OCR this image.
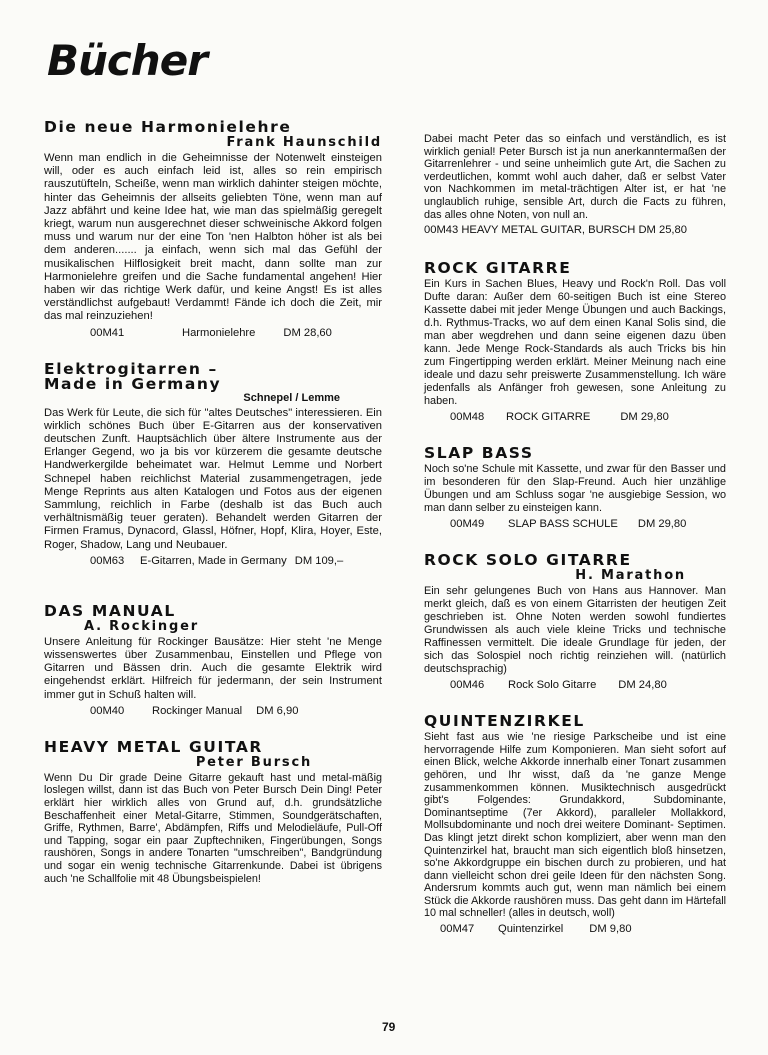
Bücher
Die neue Harmonielehre
Frank Haunschild

Wenn man endlich in die Geheimnisse der Notenwelt einsteigen will, oder es auch einfach leid ist, alles so rein empirisch rauszutüfteln, Scheiße, wenn man wirklich dahinter steigen möchte, hinter das Geheimnis der allseits geliebten Töne, wenn man auf Jazz abfährt und keine Idee hat, wie man das spielmäßig geregelt kriegt, warum nun ausgerechnet dieser schweinische Akkord folgen muss und warum nur der eine Ton 'nen Halbton höher ist als bei dem anderen....... ja einfach, wenn sich mal das Gefühl der musikalischen Hilflosigkeit breit macht, dann sollte man zur Harmonielehre greifen und die Sache fundamental angehen! Hier haben wir das richtige Werk dafür, und keine Angst! Es ist alles verständlichst aufgebaut! Verdammt! Fände ich doch die Zeit, mir das mal reinzuziehen!

00M41	Harmonielehre	DM 28,60
Elektrogitarren – Made in Germany
Schnepel / Lemme

Das Werk für Leute, die sich für "altes Deutsches" interessieren. Ein wirklich schönes Buch über E-Gitarren aus der konservativen deutschen Zunft. Hauptsächlich über ältere Instrumente aus der Erlanger Gegend, wo ja bis vor kürzerem die gesamte deutsche Handwerkergilde beheimatet war. Helmut Lemme und Norbert Schnepel haben reichlichst Material zusammengetragen, jede Menge Reprints aus alten Katalogen und Fotos aus der eigenen Sammlung, reichlich in Farbe (deshalb ist das Buch auch verhältnismäßig teuer geraten). Behandelt werden Gitarren der Firmen Framus, Dynacord, Glassl, Höfner, Hopf, Klira, Hoyer, Este, Roger, Shadow, Lang und Neubauer.

00M63 E-Gitarren, Made in Germany DM 109,–
DAS MANUAL
A. Rockinger

Unsere Anleitung für Rockinger Bausätze: Hier steht 'ne Menge wissenswertes über Zusammenbau, Einstellen und Pflege von Gitarren und Bässen drin. Auch die gesamte Elektrik wird eingehendst erklärt. Hilfreich für jedermann, der sein Instrument immer gut in Schuß halten will.

00M40 Rockinger Manual DM 6,90
HEAVY METAL GUITAR
Peter Bursch

Wenn Du Dir grade Deine Gitarre gekauft hast und metal-mäßig loslegen willst, dann ist das Buch von Peter Bursch Dein Ding! Peter erklärt hier wirklich alles von Grund auf, d.h. grundsätzliche Beschaffenheit einer Metal-Gitarre, Stimmen, Soundgerätschaften, Griffe, Rythmen, Barre', Abdämpfen, Riffs und Melodieläufe, Pull-Off und Tapping, sogar ein paar Zupftechniken, Fingerübungen, Songs raushören, Songs in andere Tonarten "umschreiben", Bandgründung und sogar ein wenig technische Gitarrenkunde. Dabei ist übrigens auch 'ne Schallfolie mit 48 Übungsbeispielen!

Dabei macht Peter das so einfach und verständlich, es ist wirklich genial! Peter Bursch ist ja nun anerkanntermaßen der Gitarrenlehrer - und seine unheimlich gute Art, die Sachen zu verdeutlichen, kommt wohl auch daher, daß er selbst Vater von Nachkommen im metal-trächtigen Alter ist, er hat 'ne unglaublich ruhige, sensible Art, durch die Facts zu führen, das alles ohne Noten, von null an.

00M43 HEAVY METAL GUITAR, BURSCH DM 25,80
ROCK GITARRE

Ein Kurs in Sachen Blues, Heavy und Rock'n Roll. Das voll Dufte daran: Außer dem 60-seitigen Buch ist eine Stereo Kassette dabei mit jeder Menge Übungen und auch Backings, d.h. Rythmus-Tracks, wo auf dem einen Kanal Solis sind, die man aber wegdrehen und dann seine eigenen dazu üben kann. Jede Menge Rock-Standards als auch Tricks bis hin zum Fingertipping werden erklärt. Meiner Meinung nach eine ideale und dazu sehr preiswerte Zusammenstellung. Ich wäre jedenfalls als Anfänger froh gewesen, sone Anleitung zu haben.

00M48 ROCK GITARRE	DM 29,80
SLAP BASS

Noch so'ne Schule mit Kassette, und zwar für den Basser und im besonderen für den Slap-Freund. Auch hier unzählige Übungen und am Schluss sogar 'ne ausgiebige Session, wo man dann selber zu einsteigen kann.

00M49 SLAP BASS SCHULE DM 29,80
ROCK SOLO GITARRE
H. Marathon

Ein sehr gelungenes Buch von Hans aus Hannover. Man merkt gleich, daß es von einem Gitarristen der heutigen Zeit geschrieben ist. Ohne Noten werden sowohl fundiertes Grundwissen als auch viele kleine Tricks und technische Raffinessen vermittelt. Die ideale Grundlage für jeden, der sich das Solospiel noch richtig reinziehen will. (natürlich deutschsprachig)

00M46 Rock Solo Gitarre DM 24,80
QUINTENZIRKEL

Sieht fast aus wie 'ne riesige Parkscheibe und ist eine hervorragende Hilfe zum Komponieren. Man sieht sofort auf einen Blick, welche Akkorde innerhalb einer Tonart zusammen gehören, und Ihr wisst, daß da 'ne ganze Menge zusammenkommen können. Musiktechnisch ausgedrückt gibt's Folgendes: Grundakkord, Subdominante, Dominantseptime (7er Akkord), paralleler Mollakkord, Mollsubdominante und noch drei weitere Dominant- Septimen. Das klingt jetzt direkt schon kompliziert, aber wenn man den Quintenzirkel hat, braucht man sich eigentlich bloß hinsetzen, so'ne Akkordgruppe ein bischen durch zu probieren, und hat dann vielleicht schon drei geile Ideen für den nächsten Song. Andersrum kommts auch gut, wenn man nämlich bei einem Stück die Akkorde raushören muss. Das geht dann im Härtefall 10 mal schneller! (alles in deutsch, woll)

00M47 Quintenzirkel DM 9,80
79
